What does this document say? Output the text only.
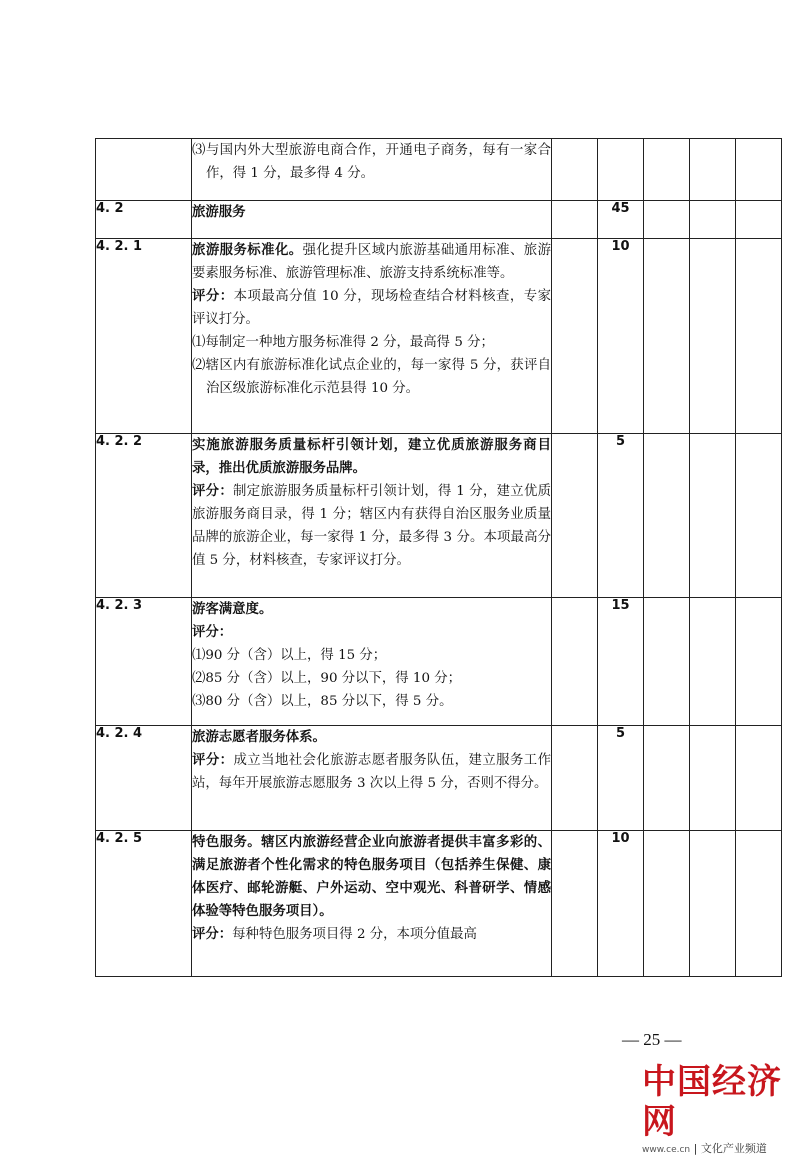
	⑶与国内外大型旅游电商合作，开通电子商务，每有一家合作，得 1 分，最多得 4 分。					

4. 2	旅游服务		45			
4. 2. 1	旅游服务标准化。强化提升区域内旅游基础通用标准、旅游要素服务标准、旅游管理标准、旅游支持系统标准等。

评分：本项最高分值 10 分，现场检查结合材料核查，专家评议打分。

⑴每制定一种地方服务标准得 2 分，最高得 5 分；

⑵辖区内有旅游标准化试点企业的，每一家得 5 分，获评自治区级旅游标准化示范县得 10 分。		10			
4. 2. 2	实施旅游服务质量标杆引领计划，建立优质旅游服务商目录，推出优质旅游服务品牌。

评分：制定旅游服务质量标杆引领计划，得 1 分，建立优质旅游服务商目录，得 1 分；辖区内有获得自治区服务业质量品牌的旅游企业，每一家得 1 分，最多得 3 分。本项最高分值 5 分，材料核查，专家评议打分。		5			
4. 2. 3	游客满意度。

评分：

⑴90 分（含）以上，得 15 分；

⑵85 分（含）以上，90 分以下，得 10 分；

⑶80 分（含）以上，85 分以下，得 5 分。		15			
4. 2. 4	旅游志愿者服务体系。

评分：成立当地社会化旅游志愿者服务队伍，建立服务工作站，每年开展旅游志愿服务 3 次以上得 5 分，否则不得分。		5			
4. 2. 5	特色服务。辖区内旅游经营企业向旅游者提供丰富多彩的、满足旅游者个性化需求的特色服务项目（包括养生保健、康体医疗、邮轮游艇、户外运动、空中观光、科普研学、情感体验等特色服务项目）。

评分：每种特色服务项目得 2 分，本项分值最高		10			
— 25 —
中国经济网
www.ce.cn | 文化产业频道
